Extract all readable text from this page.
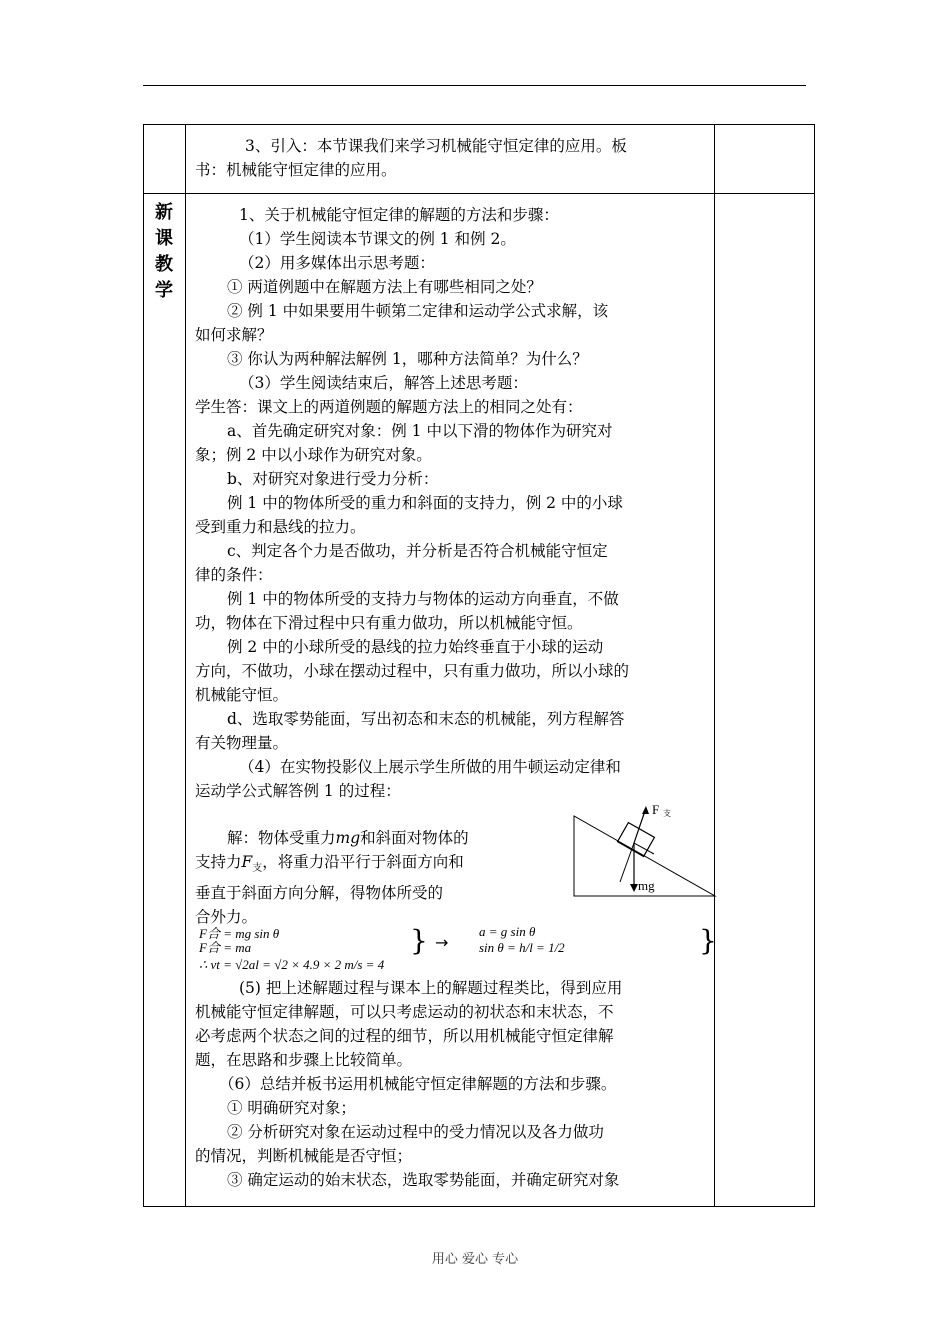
3、引入：本节课我们来学习机械能守恒定律的应用。板

书：机械能守恒定律的应用。

新
课
教
学

1、关于机械能守恒定律的解题的方法和步骤：

（1）学生阅读本节课文的例 1 和例 2。

（2）用多媒体出示思考题：

① 两道例题中在解题方法上有哪些相同之处？

② 例 1 中如果要用牛顿第二定律和运动学公式求解，该

如何求解？

③ 你认为两种解法解例 1，哪种方法简单？为什么？

（3）学生阅读结束后，解答上述思考题：

学生答：课文上的两道例题的解题方法上的相同之处有：

a、首先确定研究对象：例 1 中以下滑的物体作为研究对

象；例 2 中以小球作为研究对象。

b、对研究对象进行受力分析：

例 1 中的物体所受的重力和斜面的支持力，例 2 中的小球

受到重力和悬线的拉力。

c、判定各个力是否做功，并分析是否符合机械能守恒定

律的条件：

例 1 中的物体所受的支持力与物体的运动方向垂直，不做

功，物体在下滑过程中只有重力做功，所以机械能守恒。

例 2 中的小球所受的悬线的拉力始终垂直于小球的运动

方向，不做功，小球在摆动过程中，只有重力做功，所以小球的

机械能守恒。

d、选取零势能面，写出初态和末态的机械能，列方程解答

有关物理量。

（4）在实物投影仪上展示学生所做的用牛顿运动定律和

运动学公式解答例 1 的过程：

解：物体受重力mg和斜面对物体的

支持力$F_支$，将重力沿平行于斜面方向和

垂直于斜面方向分解，得物体所受的

合外力。

F 支
mg
F合 = mg sin θ
F合 = ma	} →
a = g sin θ
sin θ = h/l = 1/2	}
∴ vt = √2al = √2 × 4.9 × 2 m/s = 4

(5) 把上述解题过程与课本上的解题过程类比，得到应用

机械能守恒定律解题，可以只考虑运动的初状态和末状态，不

必考虑两个状态之间的过程的细节，所以用机械能守恒定律解

题，在思路和步骤上比较简单。

（6）总结并板书运用机械能守恒定律解题的方法和步骤。

① 明确研究对象；

② 分析研究对象在运动过程中的受力情况以及各力做功

的情况，判断机械能是否守恒；

③ 确定运动的始末状态，选取零势能面，并确定研究对象

用心 爱心 专心
